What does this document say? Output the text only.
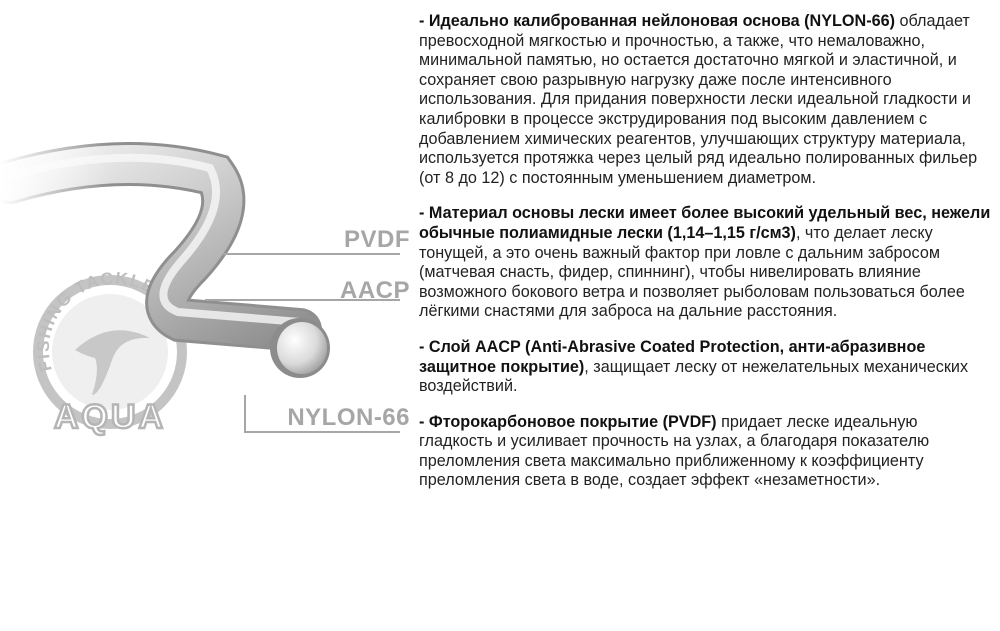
FISHING TACKLE
AQUA
PVDF
AACP
NYLON-66

- Идеально калиброванная нейлоновая основа (NYLON-66) обладает превосходной мягкостью и прочностью, а также, что немаловажно, минимальной памятью, но остается достаточно мягкой и эластичной, и сохраняет свою разрывную нагрузку даже после интенсивного использования. Для придания поверхности лески идеальной гладкости и калибровки в процессе экструдирования под высоким давлением с добавлением химических реагентов, улучшающих структуру материала, используется протяжка через целый ряд идеально полированных фильер (от 8 до 12) с постоянным уменьшением диаметром.

- Материал основы лески имеет более высокий удельный вес, нежели обычные полиамидные лески (1,14–1,15 г/см3), что делает леску тонущей, а это очень важный фактор при ловле с дальним забросом (матчевая снасть, фидер, спиннинг), чтобы нивелировать влияние возможного бокового ветра и позволяет рыболовам пользоваться более лёгкими снастями для заброса на дальние расстояния.

- Слой AACP (Anti-Abrasive Coated Protection, анти-абразивное защитное покрытие), защищает леску от нежелательных механических воздействий.

- Фторокарбоновое покрытие (PVDF) придает леске идеальную гладкость и усиливает прочность на узлах, а благодаря показателю преломления света максимально приближенному к коэффициенту преломления света в воде, создает эффект «незаметности».
